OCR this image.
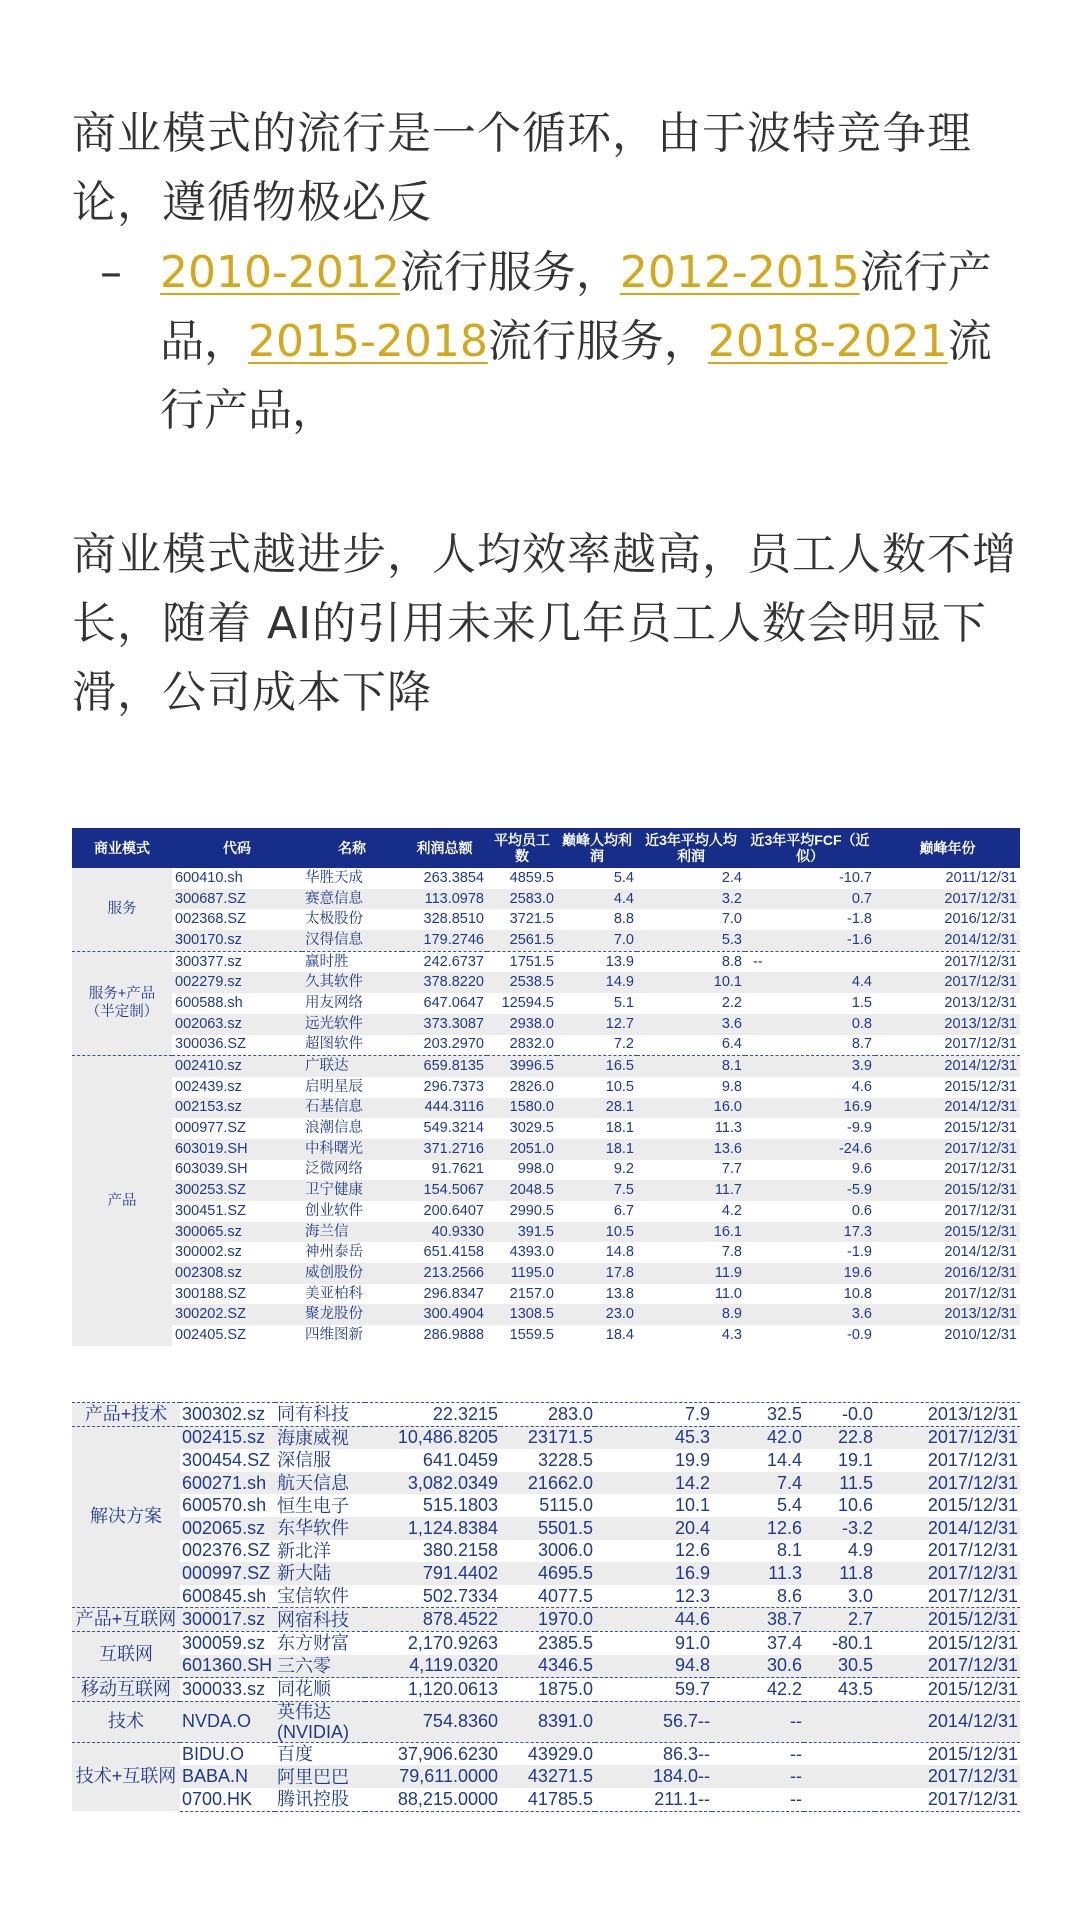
商业模式的流行是一个循环，由于波特竞争理论，遵循物极必反
– 2010-2012流行服务，2012-2015流行产品，2015-2018流行服务，2018-2021流行产品，
商业模式越进步，人均效率越高，员工人数不增长，随着 AI的引用未来几年员工人数会明显下滑，公司成本下降
商业模式	代码	名称	利润总额	平均员工数	巅峰人均利润	近3年平均人均利润	近3年平均FCF（近似）	巅峰年份
服务	600410.sh	华胜天成	263.3854	4859.5	5.4	2.4	-10.7	2011/12/31
	300687.SZ	赛意信息	113.0978	2583.0	4.4	3.2	0.7	2017/12/31
	002368.SZ	太极股份	328.8510	3721.5	8.8	7.0	-1.8	2016/12/31
	300170.sz	汉得信息	179.2746	2561.5	7.0	5.3	-1.6	2014/12/31
服务+产品（半定制）	300377.sz	赢时胜	242.6737	1751.5	13.9	8.8	--	2017/12/31
	002279.sz	久其软件	378.8220	2538.5	14.9	10.1	4.4	2017/12/31
	600588.sh	用友网络	647.0647	12594.5	5.1	2.2	1.5	2013/12/31
	002063.sz	远光软件	373.3087	2938.0	12.7	3.6	0.8	2013/12/31
	300036.SZ	超图软件	203.2970	2832.0	7.2	6.4	8.7	2017/12/31
产品	002410.sz	广联达	659.8135	3996.5	16.5	8.1	3.9	2014/12/31
	002439.sz	启明星辰	296.7373	2826.0	10.5	9.8	4.6	2015/12/31
	002153.sz	石基信息	444.3116	1580.0	28.1	16.0	16.9	2014/12/31
	000977.SZ	浪潮信息	549.3214	3029.5	18.1	11.3	-9.9	2015/12/31
	603019.SH	中科曙光	371.2716	2051.0	18.1	13.6	-24.6	2017/12/31
	603039.SH	泛微网络	91.7621	998.0	9.2	7.7	9.6	2017/12/31
	300253.SZ	卫宁健康	154.5067	2048.5	7.5	11.7	-5.9	2015/12/31
	300451.SZ	创业软件	200.6407	2990.5	6.7	4.2	0.6	2017/12/31
	300065.sz	海兰信	40.9330	391.5	10.5	16.1	17.3	2015/12/31
	300002.sz	神州泰岳	651.4158	4393.0	14.8	7.8	-1.9	2014/12/31
	002308.sz	威创股份	213.2566	1195.0	17.8	11.9	19.6	2016/12/31
	300188.SZ	美亚柏科	296.8347	2157.0	13.8	11.0	10.8	2017/12/31
	300202.SZ	聚龙股份	300.4904	1308.5	23.0	8.9	3.6	2013/12/31
	002405.SZ	四维图新	286.9888	1559.5	18.4	4.3	-0.9	2010/12/31
产品+技术	300302.sz	同有科技	22.3215	283.0	7.9	32.5	-0.0	2013/12/31
解决方案	002415.sz	海康威视	10,486.8205	23171.5	45.3	42.0	22.8	2017/12/31
	300454.SZ	深信服	641.0459	3228.5	19.9	14.4	19.1	2017/12/31
	600271.sh	航天信息	3,082.0349	21662.0	14.2	7.4	11.5	2017/12/31
	600570.sh	恒生电子	515.1803	5115.0	10.1	5.4	10.6	2015/12/31
	002065.sz	东华软件	1,124.8384	5501.5	20.4	12.6	-3.2	2014/12/31
	002376.SZ	新北洋	380.2158	3006.0	12.6	8.1	4.9	2017/12/31
	000997.SZ	新大陆	791.4402	4695.5	16.9	11.3	11.8	2017/12/31
	600845.sh	宝信软件	502.7334	4077.5	12.3	8.6	3.0	2017/12/31
产品+互联网	300017.sz	网宿科技	878.4522	1970.0	44.6	38.7	2.7	2015/12/31
互联网	300059.sz	东方财富	2,170.9263	2385.5	91.0	37.4	-80.1	2015/12/31
	601360.SH	三六零	4,119.0320	4346.5	94.8	30.6	30.5	2017/12/31
移动互联网	300033.sz	同花顺	1,120.0613	1875.0	59.7	42.2	43.5	2015/12/31
技术	NVDA.O	英伟达(NVIDIA)	754.8360	8391.0	56.7--	--		2014/12/31
技术+互联网	BIDU.O	百度	37,906.6230	43929.0	86.3--	--		2015/12/31
	BABA.N	阿里巴巴	79,611.0000	43271.5	184.0--	--		2017/12/31
	0700.HK	腾讯控股	88,215.0000	41785.5	211.1--	--		2017/12/31
